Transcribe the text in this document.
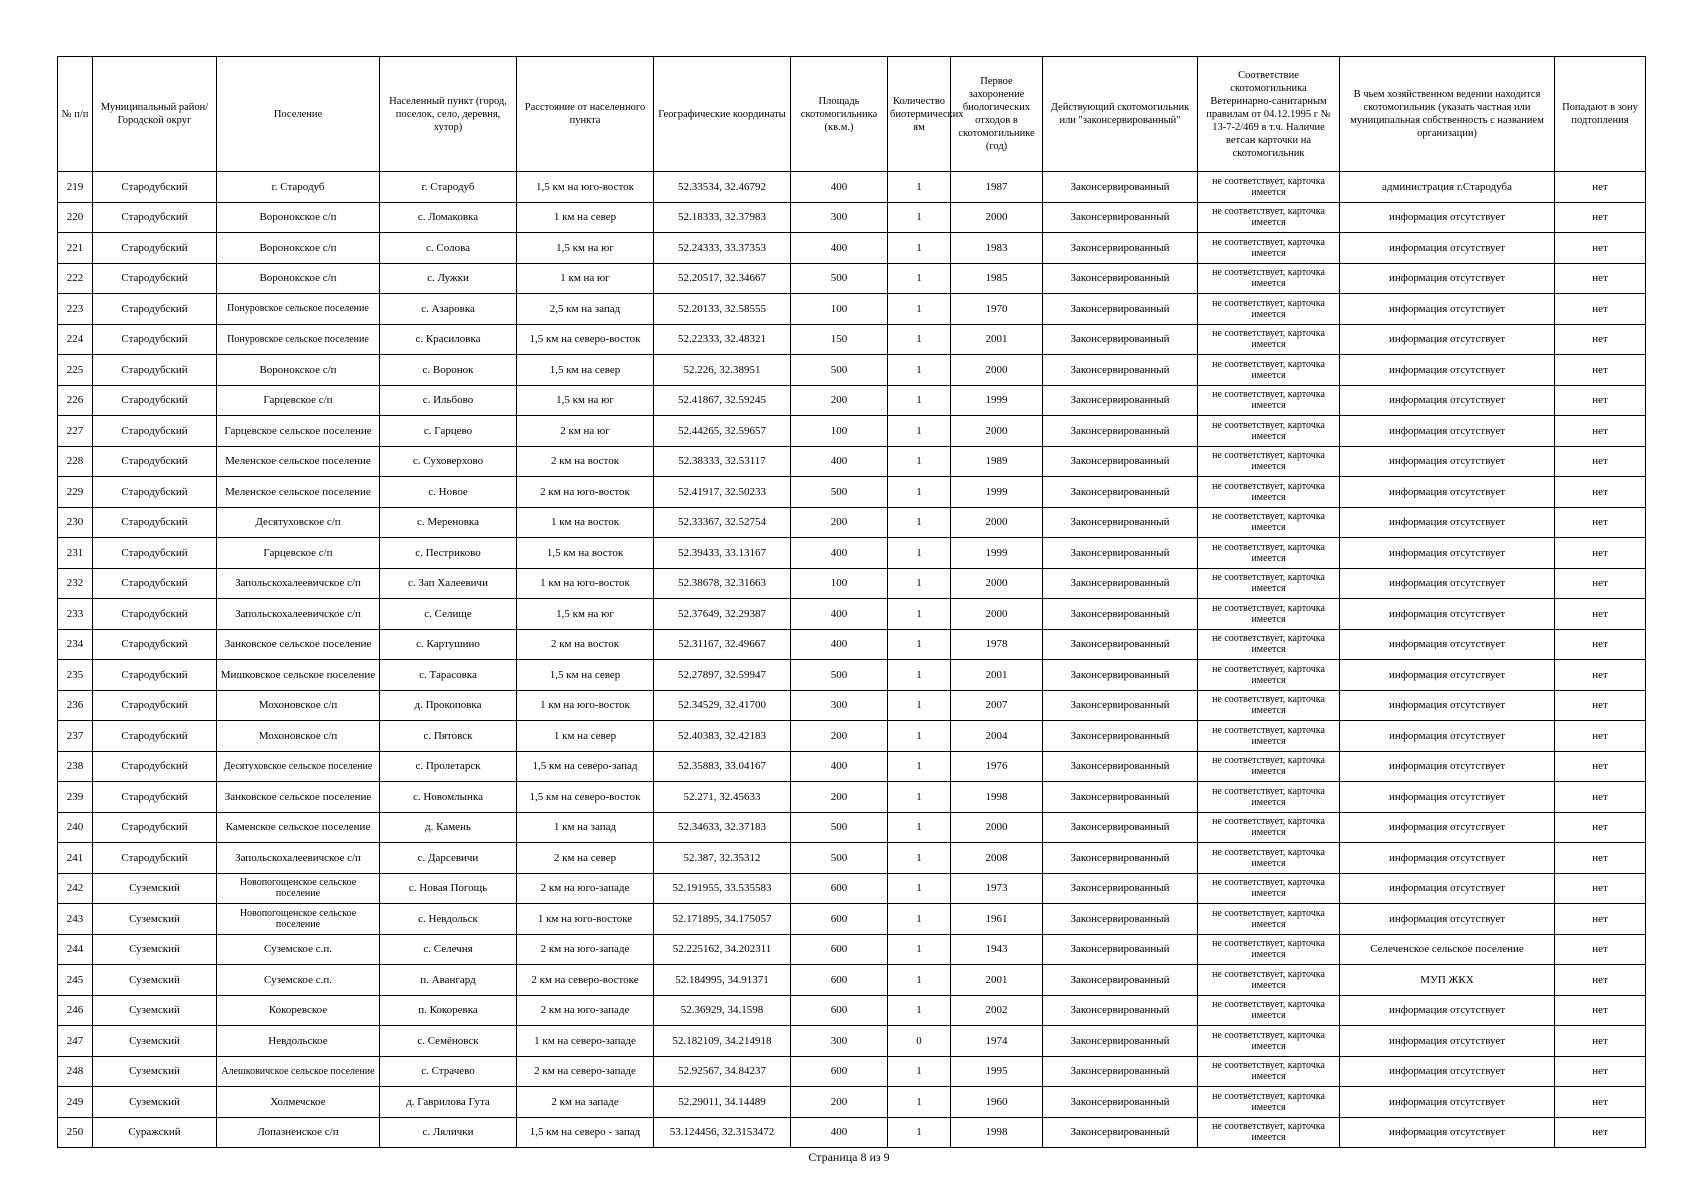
№ п/п	Муниципальный район/Городской округ	Поселение	Населенный пункт (город, поселок, село, деревня, хутор)	Расстояние от населенного пункта	Географические координаты	Площадь скотомогильника (кв.м.)	Количество биотермических ям	Первое захоронение биологических отходов в скотомогильнике (год)	Действующий скотомогильник или "законсервированный"	Соответствие скотомогильника Ветеринарно-санитарным правилам от 04.12.1995 г № 13-7-2/469 в т.ч. Наличие ветсан карточки на скотомогильник	В чьем хозяйственном ведении находится скотомогильник (указать частная или муниципальная собственность с названием организации)	Попадают в зону подтопления
219	Стародубский	г. Стародуб	г. Стародуб	1,5 км на юго-восток	52.33534, 32.46792	400	1	1987	Законсервированный	не соответствует, карточка имеется	администрация г.Стародуба	нет
220	Стародубский	Воронокское с/п	с. Ломаковка	1 км на север	52.18333, 32.37983	300	1	2000	Законсервированный	не соответствует, карточка имеется	информация отсутствует	нет
221	Стародубский	Воронокское с/п	с. Солова	1,5 км на юг	52.24333, 33.37353	400	1	1983	Законсервированный	не соответствует, карточка имеется	информация отсутствует	нет
222	Стародубский	Воронокское с/п	с. Лужки	1 км на юг	52.20517, 32.34667	500	1	1985	Законсервированный	не соответствует, карточка имеется	информация отсутствует	нет
223	Стародубский	Понуровское сельское поселение	с. Азаровка	2,5 км на запад	52.20133, 32.58555	100	1	1970	Законсервированный	не соответствует, карточка имеется	информация отсутствует	нет
224	Стародубский	Понуровское сельское поселение	с. Красиловка	1,5 км на северо-восток	52.22333, 32.48321	150	1	2001	Законсервированный	не соответствует, карточка имеется	информация отсутствует	нет
225	Стародубский	Воронокское с/п	с. Воронок	1,5 км на север	52.226, 32.38951	500	1	2000	Законсервированный	не соответствует, карточка имеется	информация отсутствует	нет
226	Стародубский	Гарцевское с/п	с. Ильбово	1,5 км на юг	52.41867, 32.59245	200	1	1999	Законсервированный	не соответствует, карточка имеется	информация отсутствует	нет
227	Стародубский	Гарцевское сельское поселение	с. Гарцево	2 км на юг	52.44265, 32.59657	100	1	2000	Законсервированный	не соответствует, карточка имеется	информация отсутствует	нет
228	Стародубский	Меленское сельское поселение	с. Суховерхово	2 км на восток	52.38333, 32.53117	400	1	1989	Законсервированный	не соответствует, карточка имеется	информация отсутствует	нет
229	Стародубский	Меленское сельское поселение	с. Новое	2 км на юго-восток	52.41917, 32.50233	500	1	1999	Законсервированный	не соответствует, карточка имеется	информация отсутствует	нет
230	Стародубский	Десятуховское с/п	с. Мереновка	1 км на восток	52.33367, 32.52754	200	1	2000	Законсервированный	не соответствует, карточка имеется	информация отсутствует	нет
231	Стародубский	Гарцевское с/п	с. Пестриково	1,5 км на восток	52.39433, 33.13167	400	1	1999	Законсервированный	не соответствует, карточка имеется	информация отсутствует	нет
232	Стародубский	Запольскохалеевичское с/п	с. Зап Халеевичи	1 км на юго-восток	52.38678, 32.31663	100	1	2000	Законсервированный	не соответствует, карточка имеется	информация отсутствует	нет
233	Стародубский	Запольскохалеевичское с/п	с. Селище	1,5 км на юг	52.37649, 32.29387	400	1	2000	Законсервированный	не соответствует, карточка имеется	информация отсутствует	нет
234	Стародубский	Занковское сельское поселение	с. Картушино	2 км на восток	52.31167, 32.49667	400	1	1978	Законсервированный	не соответствует, карточка имеется	информация отсутствует	нет
235	Стародубский	Мишковское сельское поселение	с. Тарасовка	1,5 км на север	52.27897, 32.59947	500	1	2001	Законсервированный	не соответствует, карточка имеется	информация отсутствует	нет
236	Стародубский	Мохоновское с/п	д. Прокоповка	1 км на юго-восток	52.34529, 32.41700	300	1	2007	Законсервированный	не соответствует, карточка имеется	информация отсутствует	нет
237	Стародубский	Мохоновское с/п	с. Пятовск	1 км на север	52.40383, 32.42183	200	1	2004	Законсервированный	не соответствует, карточка имеется	информация отсутствует	нет
238	Стародубский	Десятуховское сельское поселение	с. Пролетарск	1,5 км на северо-запад	52.35883, 33.04167	400	1	1976	Законсервированный	не соответствует, карточка имеется	информация отсутствует	нет
239	Стародубский	Занковское сельское поселение	с. Новомлынка	1,5 км на северо-восток	52.271, 32.45633	200	1	1998	Законсервированный	не соответствует, карточка имеется	информация отсутствует	нет
240	Стародубский	Каменское сельское поселение	д. Камень	1 км на запад	52.34633, 32.37183	500	1	2000	Законсервированный	не соответствует, карточка имеется	информация отсутствует	нет
241	Стародубский	Запольскохалеевичское с/п	с. Дарсевичи	2 км на север	52.387, 32.35312	500	1	2008	Законсервированный	не соответствует, карточка имеется	информация отсутствует	нет
242	Суземский	Новопогощенское сельское поселение	с. Новая Погощь	2 км на юго-западе	52.191955, 33.535583	600	1	1973	Законсервированный	не соответствует, карточка имеется	информация отсутствует	нет
243	Суземский	Новопогощенское сельское поселение	с. Невдольск	1 км на юго-востоке	52.171895, 34.175057	600	1	1961	Законсервированный	не соответствует, карточка имеется	информация отсутствует	нет
244	Суземский	Суземское с.п.	с. Селечня	2 км на юго-западе	52.225162, 34.202311	600	1	1943	Законсервированный	не соответствует, карточка имеется	Селеченское сельское поселение	нет
245	Суземский	Суземское с.п.	п. Авангард	2 км на северо-востоке	52.184995, 34.91371	600	1	2001	Законсервированный	не соответствует, карточка имеется	МУП ЖКХ	нет
246	Суземский	Кокоревское	п. Кокоревка	2 км на юго-западе	52.36929, 34.1598	600	1	2002	Законсервированный	не соответствует, карточка имеется	информация отсутствует	нет
247	Суземский	Невдольское	с. Семёновск	1 км на северо-западе	52.182109, 34.214918	300	0	1974	Законсервированный	не соответствует, карточка имеется	информация отсутствует	нет
248	Суземский	Алешковичское сельское поселение	с. Страчево	2 км на северо-западе	52.92567, 34.84237	600	1	1995	Законсервированный	не соответствует, карточка имеется	информация отсутствует	нет
249	Суземский	Холмечское	д. Гаврилова Гута	2 км на западе	52.29011, 34.14489	200	1	1960	Законсервированный	не соответствует, карточка имеется	информация отсутствует	нет
250	Суражский	Лопазненское с/п	с. Лялички	1,5 км на северо - запад	53.124456, 32.3153472	400	1	1998	Законсервированный	не соответствует, карточка имеется	информация отсутствует	нет
Страница 8 из 9
